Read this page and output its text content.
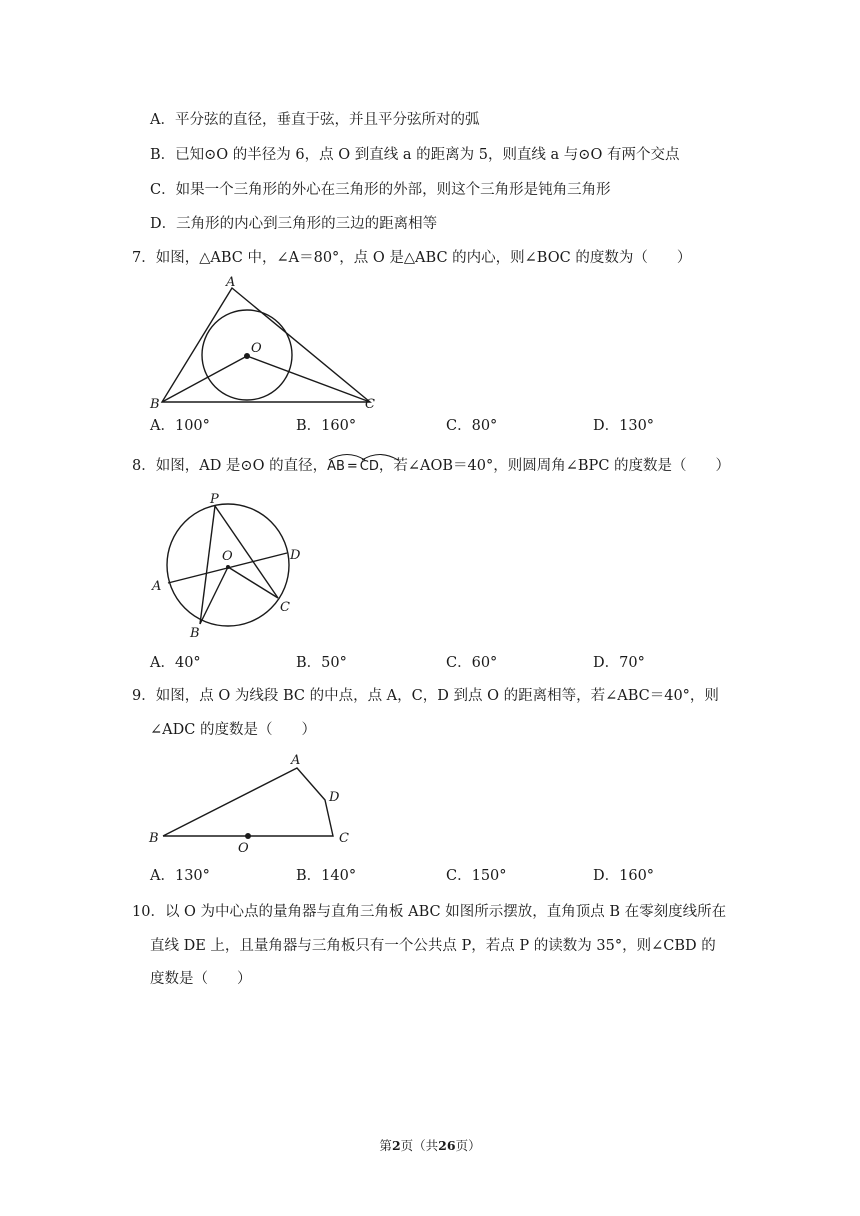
A．平分弦的直径，垂直于弦，并且平分弦所对的弧
B．已知⊙O 的半径为 6，点 O 到直线 a 的距离为 5，则直线 a 与⊙O 有两个交点
C．如果一个三角形的外心在三角形的外部，则这个三角形是钝角三角形
D．三角形的内心到三角形的三边的距离相等
7．如图，△ABC 中，∠A＝80°，点 O 是△ABC 的内心，则∠BOC 的度数为（　　）
A
O
B	C
A．100°	B．160°	C．80°	D．130°
8．如图，AD 是⊙O 的直径，
AB = CD，若∠AOB＝40°，则圆周角∠BPC 的度数是（　　）
P
O	D
A
C
B
A．40°	B．50°	C．60°	D．70°
9．如图，点 O 为线段 BC 的中点，点 A，C，D 到点 O 的距离相等，若∠ABC＝40°，则
∠ADC 的度数是（　　）
A
D
B
O
C
A．130°	B．140°	C．150°	D．160°
10．以 O 为中心点的量角器与直角三角板 ABC 如图所示摆放，直角顶点 B 在零刻度线所在
直线 DE 上，且量角器与三角板只有一个公共点 P，若点 P 的读数为 35°，则∠CBD 的
度数是（　　）
第2页（共26页）
